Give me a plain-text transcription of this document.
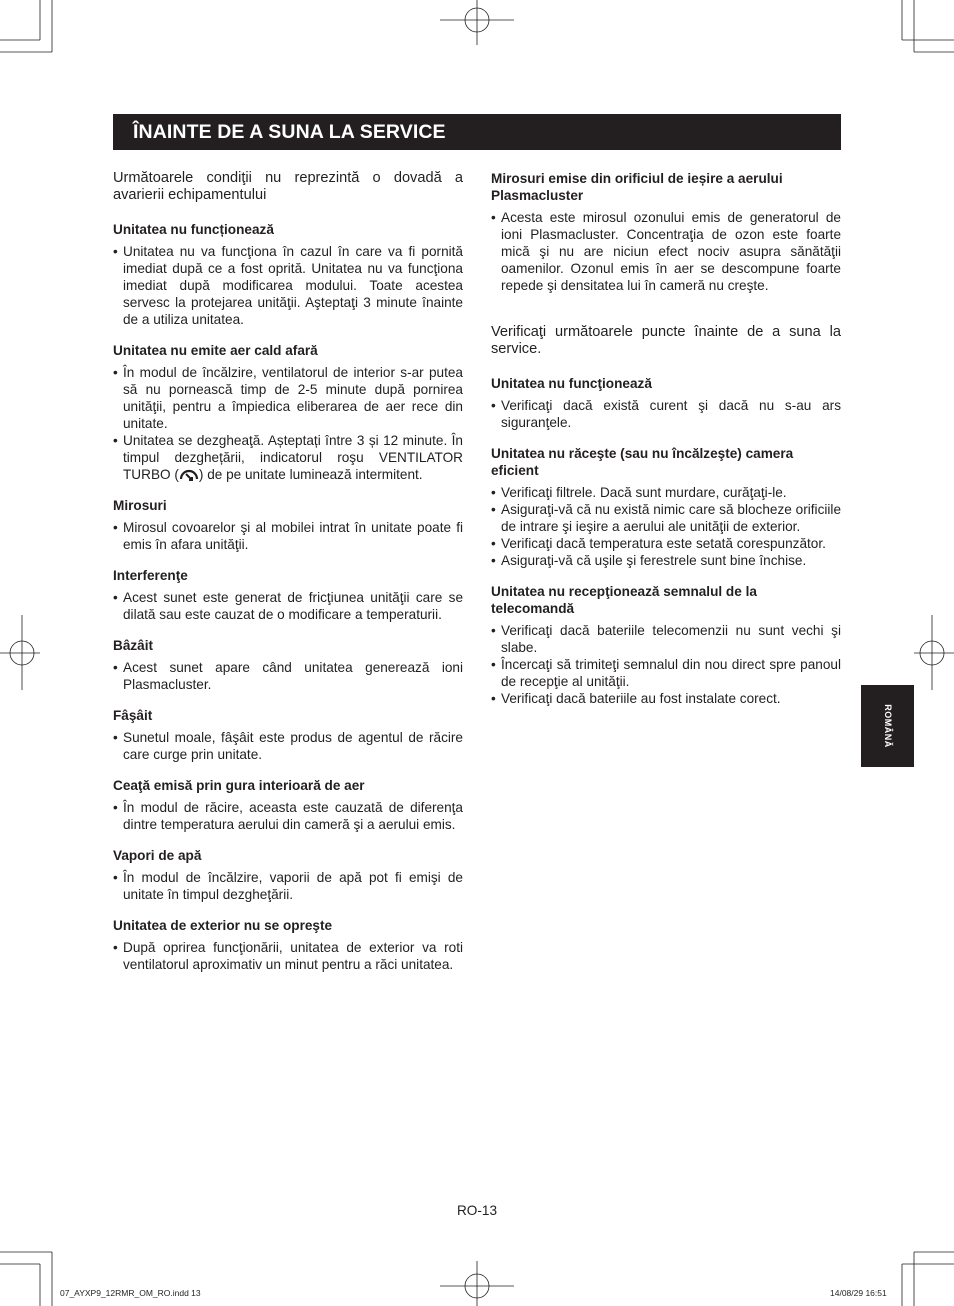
ÎNAINTE DE A SUNA LA SERVICE

Următoarele condiţii nu reprezintă o dovadă a avarierii echipamentului

Unitatea nu funcționează

• Unitatea nu va funcţiona în cazul în care va fi pornită imediat după ce a fost oprită. Unitatea nu va funcţiona imediat după modificarea modului. Toate acestea servesc la protejarea unităţii. Aşteptaţi 3 minute înainte de a utiliza unitatea.

Unitatea nu emite aer cald afară

• În modul de încălzire, ventilatorul de interior s-ar putea să nu pornească timp de 2-5 minute după pornirea unităţii, pentru a împiedica eliberarea de aer rece din unitate.
• Unitatea se dezgheaţă. Așteptați între 3 și 12 minute. În timpul dezghețării, indicatorul roşu VENTILATOR TURBO ( ) de pe unitate luminează intermitent.

Mirosuri

• Mirosul covoarelor şi al mobilei intrat în unitate poate fi emis în afara unităţii.

Interferenţe

• Acest sunet este generat de fricţiunea unităţii care se dilată sau este cauzat de o modificare a temperaturii.

Bâzâit

• Acest sunet apare când unitatea generează ioni Plasmacluster.

Fâşâit

• Sunetul moale, fâşâit este produs de agentul de răcire care curge prin unitate.

Ceaţă emisă prin gura interioară de aer

• În modul de răcire, aceasta este cauzată de diferenţa dintre temperatura aerului din cameră şi a aerului emis.

Vapori de apă

• În modul de încălzire, vaporii de apă pot fi emişi de unitate în timpul dezgheţării.

Unitatea de exterior nu se opreşte

• După oprirea funcţionării, unitatea de exterior va roti ventilatorul aproximativ un minut pentru a răci unitatea.

Mirosuri emise din orificiul de ieșire a aerului Plasmacluster

• Acesta este mirosul ozonului emis de generatorul de ioni Plasmacluster. Concentraţia de ozon este foarte mică şi nu are niciun efect nociv asupra sănătăţii oamenilor. Ozonul emis în aer se descompune foarte repede şi densitatea lui în cameră nu creşte.

Verificaţi următoarele puncte înainte de a suna la service.

Unitatea nu funcţionează

• Verificaţi dacă există curent şi dacă nu s-au ars siguranţele.

Unitatea nu răceşte (sau nu încălzeşte) camera eficient

• Verificaţi filtrele. Dacă sunt murdare, curăţaţi-le.
• Asiguraţi-vă că nu există nimic care să blocheze orificiile de intrare şi ieşire a aerului ale unităţii de exterior.
• Verificaţi dacă temperatura este setată corespunzător.
• Asiguraţi-vă că uşile şi ferestrele sunt bine închise.

Unitatea nu recepţionează semnalul de la telecomandă

• Verificaţi dacă bateriile telecomenzii nu sunt vechi şi slabe.
• Încercaţi să trimiteţi semnalul din nou direct spre panoul de recepţie al unităţii.
• Verificaţi dacă bateriile au fost instalate corect.
ROMÂNĂ
RO-13
07_AYXP9_12RMR_OM_RO.indd 13	14/08/29 16:51
